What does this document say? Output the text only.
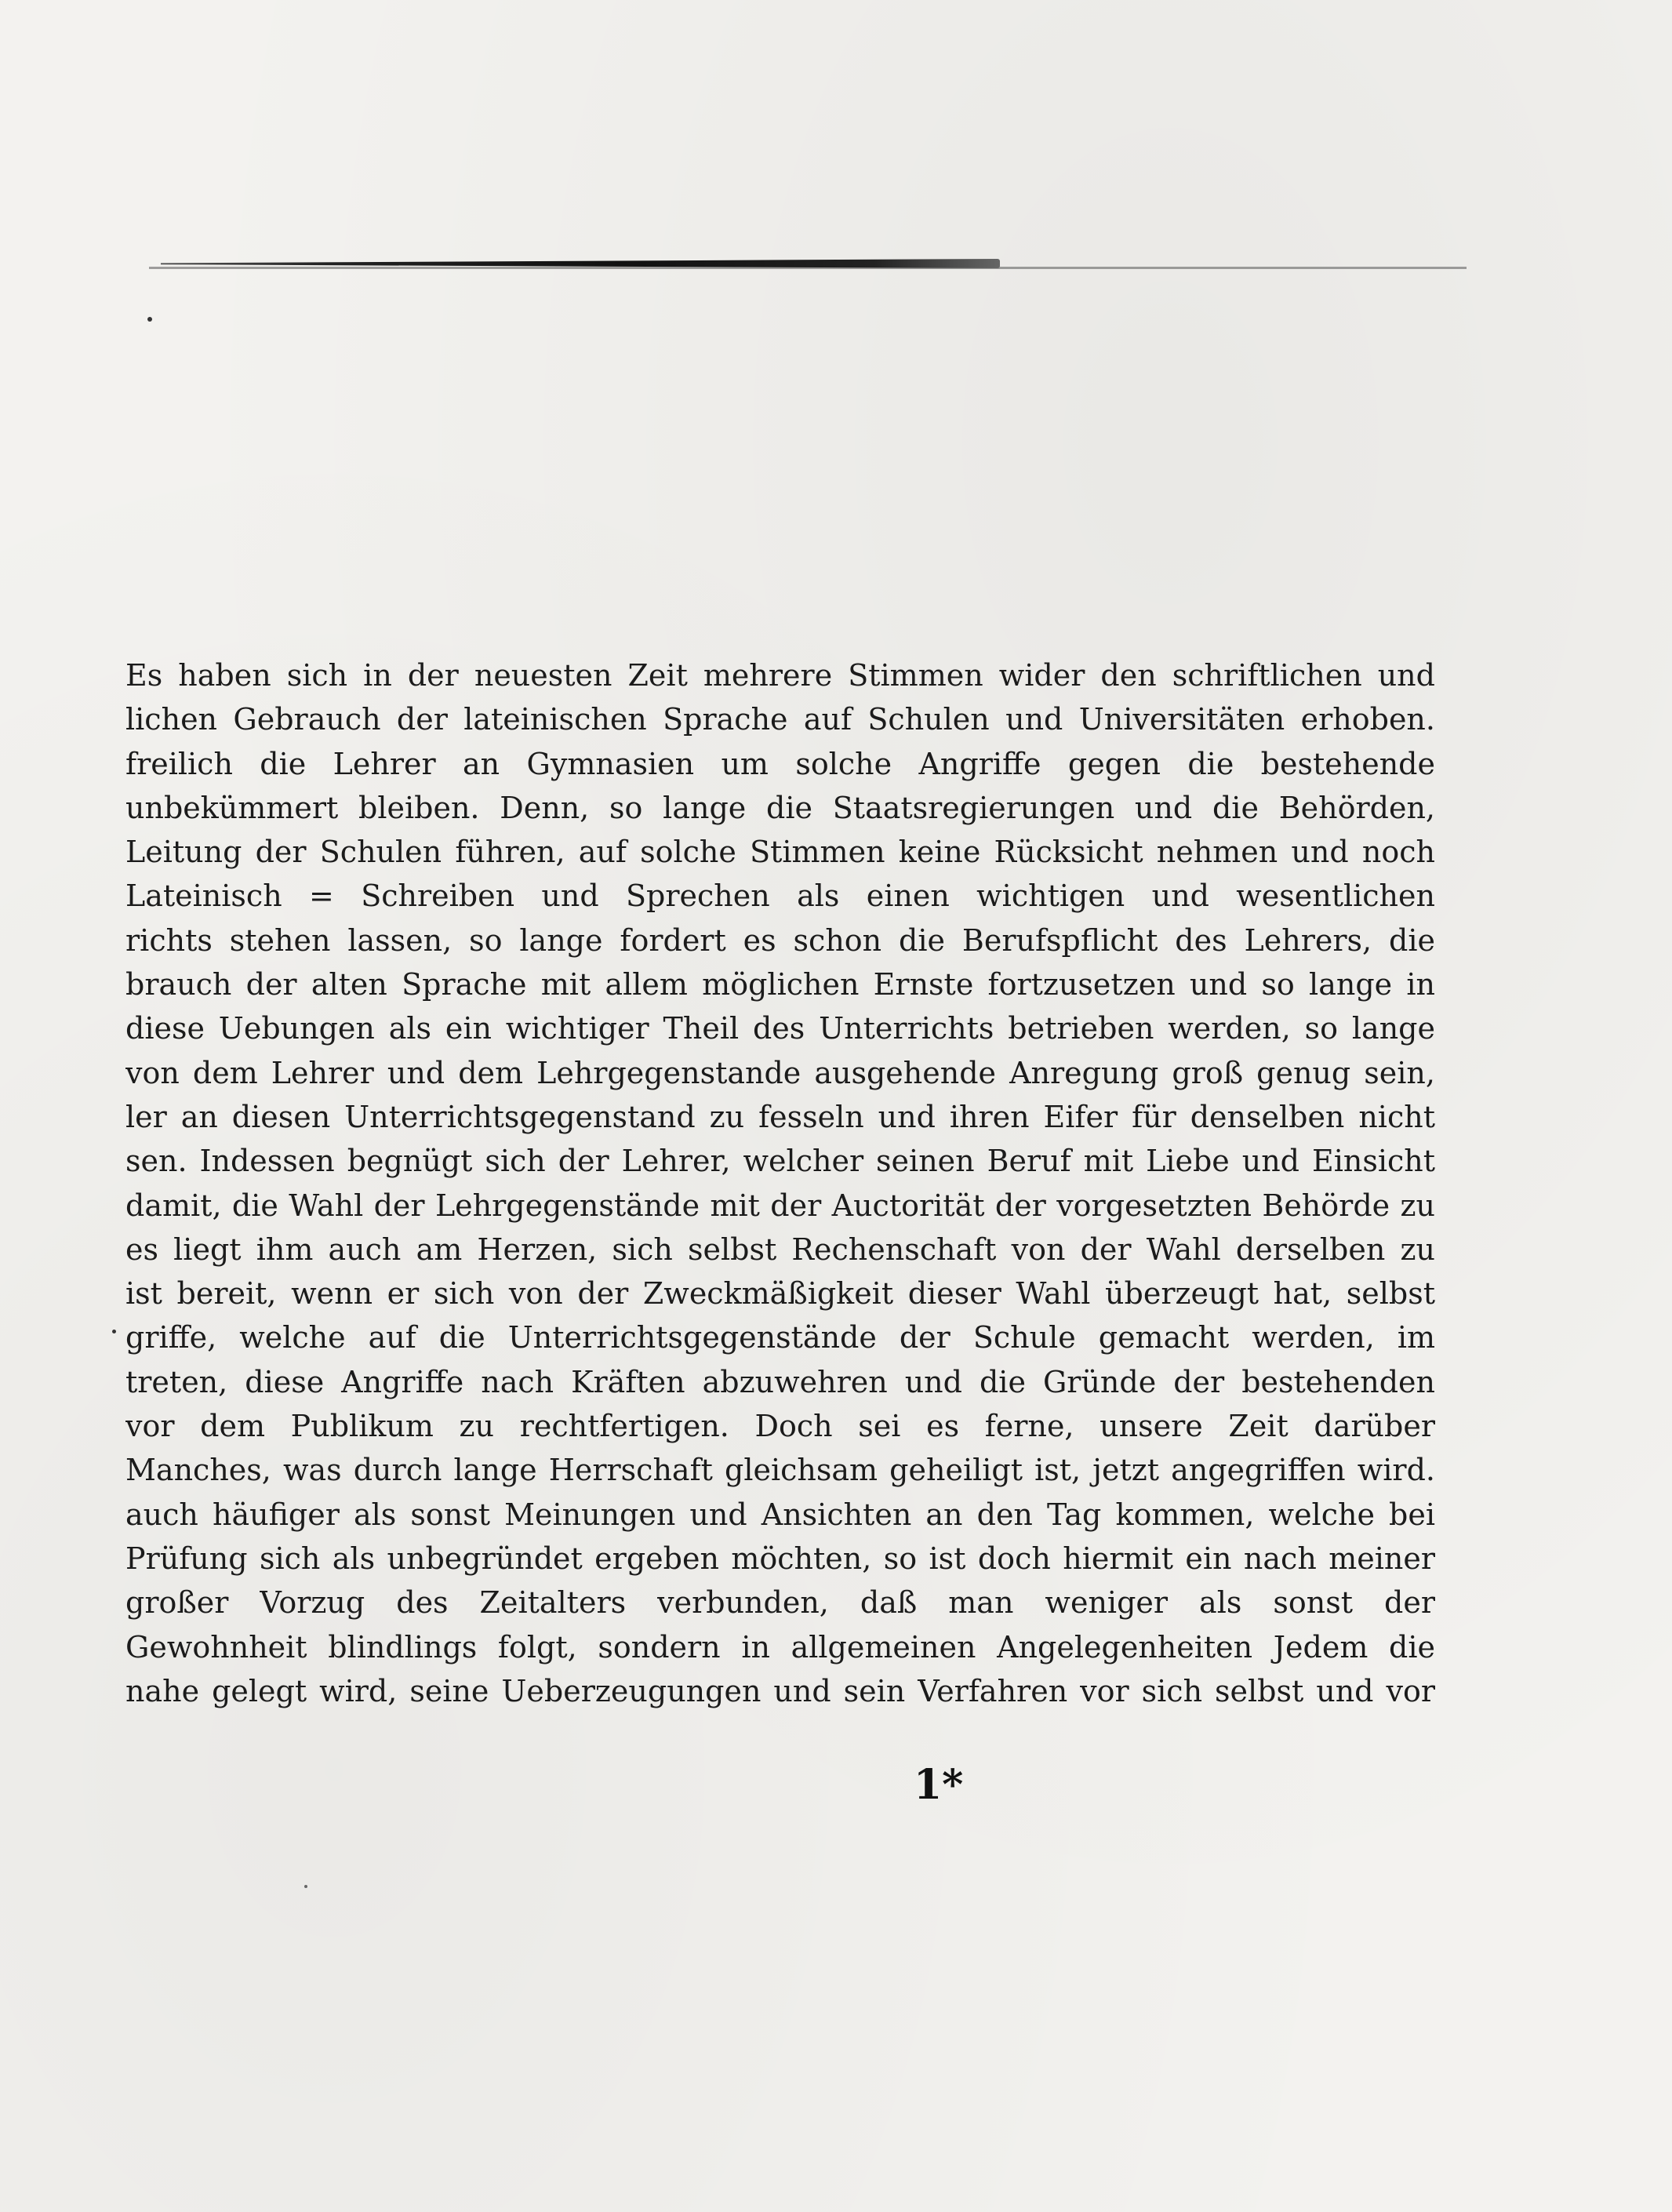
Es haben sich in der neuesten Zeit mehrere Stimmen wider den schriftlichen und
lichen Gebrauch der lateinischen Sprache auf Schulen und Universitäten erhoben.
freilich die Lehrer an Gymnasien um solche Angriffe gegen die bestehende
unbekümmert bleiben. Denn, so lange die Staatsregierungen und die Behörden,
Leitung der Schulen führen, auf solche Stimmen keine Rücksicht nehmen und noch
Lateinisch = Schreiben und Sprechen als einen wichtigen und wesentlichen
richts stehen lassen, so lange fordert es schon die Berufspflicht des Lehrers, die
brauch der alten Sprache mit allem möglichen Ernste fortzusetzen und so lange in
diese Uebungen als ein wichtiger Theil des Unterrichts betrieben werden, so lange
von dem Lehrer und dem Lehrgegenstande ausgehende Anregung groß genug sein,
ler an diesen Unterrichtsgegenstand zu fesseln und ihren Eifer für denselben nicht
sen. Indessen begnügt sich der Lehrer, welcher seinen Beruf mit Liebe und Einsicht
damit, die Wahl der Lehrgegenstände mit der Auctorität der vorgesetzten Behörde zu
es liegt ihm auch am Herzen, sich selbst Rechenschaft von der Wahl derselben zu
ist bereit, wenn er sich von der Zweckmäßigkeit dieser Wahl überzeugt hat, selbst
griffe, welche auf die Unterrichtsgegenstände der Schule gemacht werden, im
treten, diese Angriffe nach Kräften abzuwehren und die Gründe der bestehenden
vor dem Publikum zu rechtfertigen. Doch sei es ferne, unsere Zeit darüber
Manches, was durch lange Herrschaft gleichsam geheiligt ist, jetzt angegriffen wird.
auch häufiger als sonst Meinungen und Ansichten an den Tag kommen, welche bei
Prüfung sich als unbegründet ergeben möchten, so ist doch hiermit ein nach meiner
großer Vorzug des Zeitalters verbunden, daß man weniger als sonst der
Gewohnheit blindlings folgt, sondern in allgemeinen Angelegenheiten Jedem die
nahe gelegt wird, seine Ueberzeugungen und sein Verfahren vor sich selbst und vor
1*
